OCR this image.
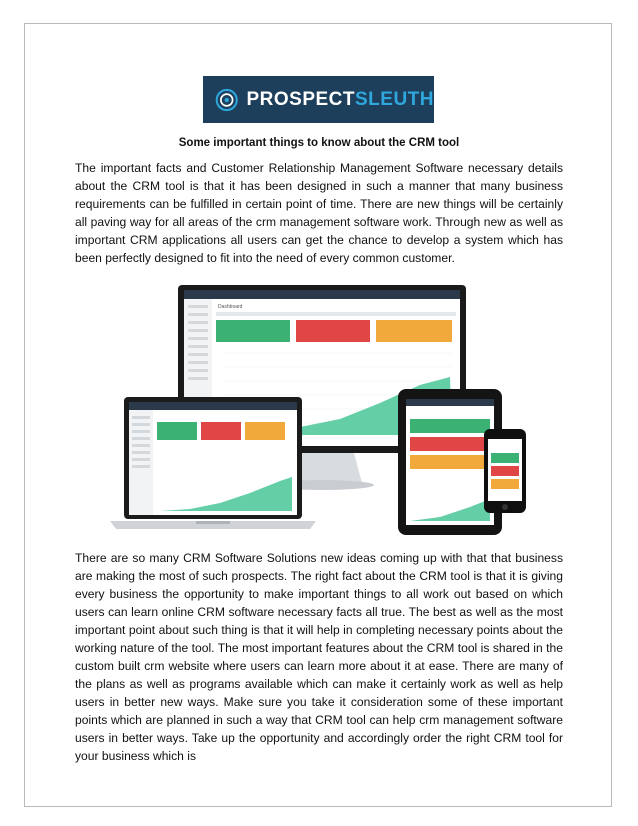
PROSPECTSLEUTH
Some important things to know about the CRM tool

The important facts and Customer Relationship Management Software necessary details about the CRM tool is that it has been designed in such a manner that many business requirements can be fulfilled in certain point of time. There are new things will be certainly all paving way for all areas of the crm management software work. Through new as well as important CRM applications all users can get the chance to develop a system which has been perfectly designed to fit into the need of every common customer.

Dashboard

There are so many CRM Software Solutions new ideas coming up with that that business are making the most of such prospects. The right fact about the CRM tool is that it is giving every business the opportunity to make important things to all work out based on which users can learn online CRM software necessary facts all true. The best as well as the most important point about such thing is that it will help in completing necessary points about the working nature of the tool. The most important features about the CRM tool is shared in the custom built crm website where users can learn more about it at ease. There are many of the plans as well as programs available which can make it certainly work as well as help users in better new ways. Make sure you take it consideration some of these important points which are planned in such a way that CRM tool can help crm management software users in better ways. Take up the opportunity and accordingly order the right CRM tool for your business which is
